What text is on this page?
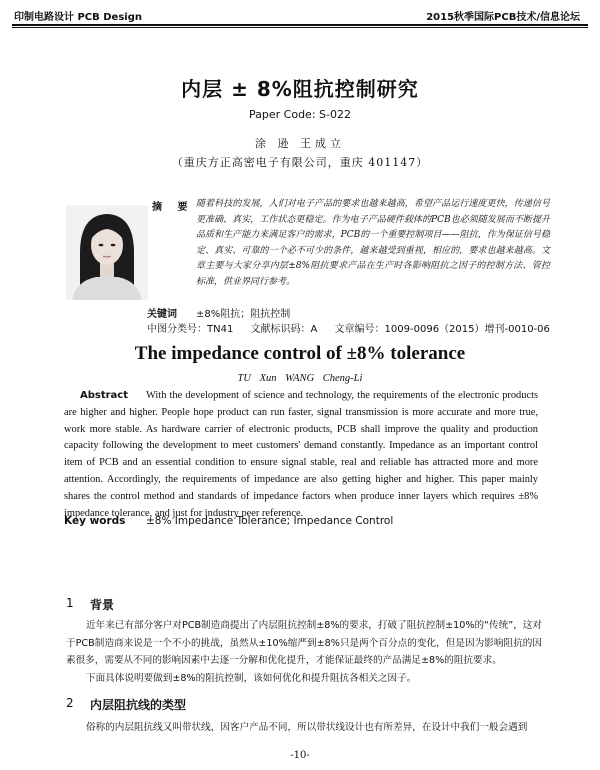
印制电路设计 PCB Design	2015秋季国际PCB技术/信息论坛
内层 ± 8%阻抗控制研究
Paper Code: S-022
涂 逊 王成立
（重庆方正高密电子有限公司，重庆 401147）
摘 要 随着科技的发展，人们对电子产品的要求也越来越高，希望产品运行速度更快，传递信号更准确、真实，工作状态更稳定。作为电子产品硬件载体的PCB也必须随发展而不断提升品质和生产能力来满足客户的需求，PCB的一个重要控制项目——阻抗，作为保证信号稳定、真实、可靠的一个必不可少的条件，越来越受到重视，相应的，要求也越来越高。文章主要与大家分享内层±8%阻抗要求产品在生产时各影响阻抗之因子的控制方法、管控标准，供业界同行参考。
关键词 ±8%阻抗；阻抗控制
中图分类号：TN41 文献标识码：A 文章编号：1009-0096（2015）增刊-0010-06
The impedance control of ±8% tolerance
TU Xun WANG Cheng-Li
Abstract With the development of science and technology, the requirements of the electronic products are higher and higher. People hope product can run faster, signal transmission is more accurate and more true, work more stable. As hardware carrier of electronic products, PCB shall improve the quality and production capacity following the development to meet customers' demand constantly. Impedance as an important control item of PCB and an essential condition to ensure signal stable, real and reliable has attracted more and more attention. Accordingly, the requirements of impedance are also getting higher and higher. This paper mainly shares the control method and standards of impedance factors when produce inner layers which requires ±8% impedance tolerance, and just for industry peer reference.
Key words ±8% Impedance Tolerance; Impedance Control
1 背景

近年来已有部分客户对PCB制造商提出了内层阻抗控制±8%的要求，打破了阻抗控制±10%的“传统”，这对于PCB制造商来说是一个不小的挑战，虽然从±10%缩严到±8%只是两个百分点的变化，但是因为影响阻抗的因素很多，需要从不同的影响因素中去逐一分解和优化提升，才能保证最终的产品满足±8%的阻抗要求。

下面具体说明要做到±8%的阻抗控制，该如何优化和提升阻抗各相关之因子。

2 内层阻抗线的类型
俗称的内层阻抗线又叫带状线，因客户产品不同，所以带状线设计也有所差异，在设计中我们一般会遇到
-10-
